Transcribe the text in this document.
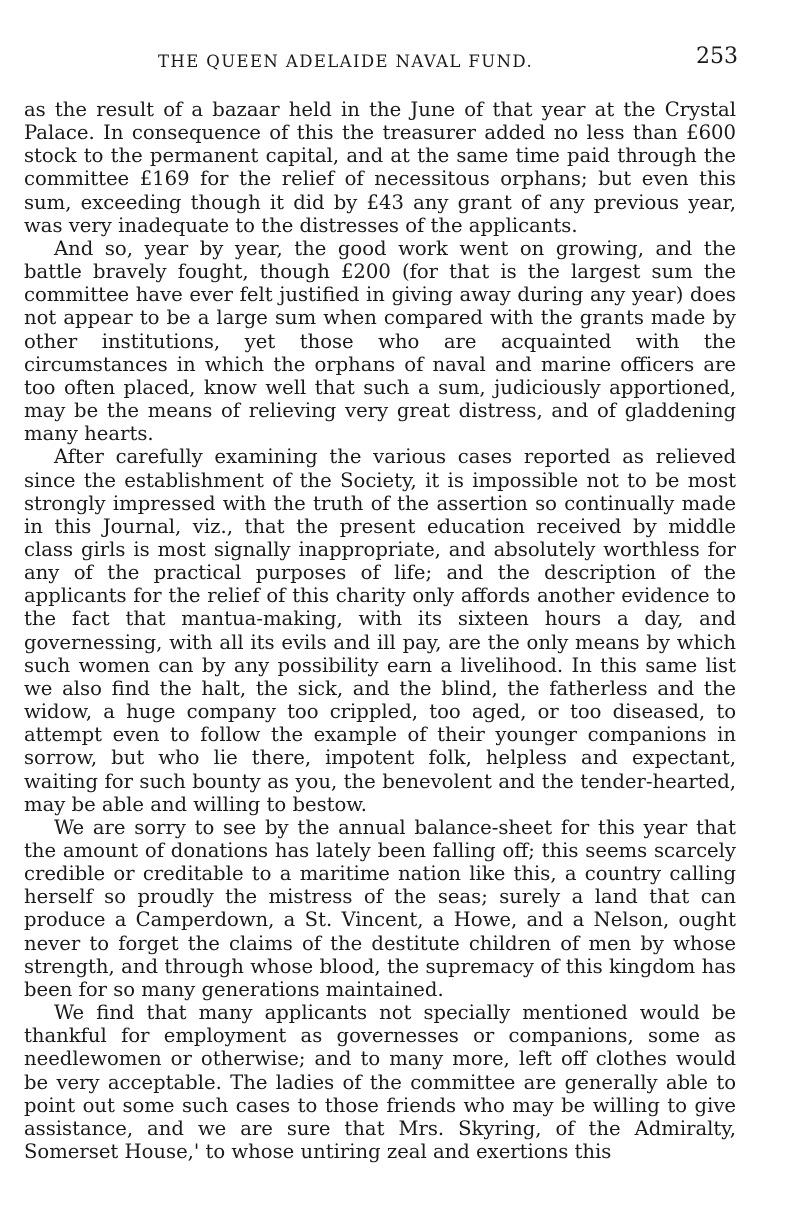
THE QUEEN ADELAIDE NAVAL FUND.	253

as the result of a bazaar held in the June of that year at the Crystal Palace. In consequence of this the treasurer added no less than £600 stock to the permanent capital, and at the same time paid through the committee £169 for the relief of necessitous orphans; but even this sum, exceeding though it did by £43 any grant of any previous year, was very inadequate to the distresses of the applicants.

And so, year by year, the good work went on growing, and the battle bravely fought, though £200 (for that is the largest sum the committee have ever felt justified in giving away during any year) does not appear to be a large sum when compared with the grants made by other institutions, yet those who are acquainted with the circumstances in which the orphans of naval and marine officers are too often placed, know well that such a sum, judiciously apportioned, may be the means of relieving very great distress, and of gladdening many hearts.

After carefully examining the various cases reported as relieved since the establishment of the Society, it is impossible not to be most strongly impressed with the truth of the assertion so continually made in this Journal, viz., that the present education received by middle class girls is most signally inappropriate, and absolutely worthless for any of the practical purposes of life; and the description of the applicants for the relief of this charity only affords another evidence to the fact that mantua-making, with its sixteen hours a day, and governessing, with all its evils and ill pay, are the only means by which such women can by any possibility earn a livelihood. In this same list we also find the halt, the sick, and the blind, the fatherless and the widow, a huge company too crippled, too aged, or too diseased, to attempt even to follow the example of their younger companions in sorrow, but who lie there, impotent folk, helpless and expectant, waiting for such bounty as you, the benevolent and the tender-hearted, may be able and willing to bestow.

We are sorry to see by the annual balance-sheet for this year that the amount of donations has lately been falling off; this seems scarcely credible or creditable to a maritime nation like this, a country calling herself so proudly the mistress of the seas; surely a land that can produce a Camperdown, a St. Vincent, a Howe, and a Nelson, ought never to forget the claims of the destitute children of men by whose strength, and through whose blood, the supremacy of this kingdom has been for so many generations maintained.

We find that many applicants not specially mentioned would be thankful for employment as governesses or companions, some as needlewomen or otherwise; and to many more, left off clothes would be very acceptable. The ladies of the committee are generally able to point out some such cases to those friends who may be willing to give assistance, and we are sure that Mrs. Skyring, of the Admiralty, Somerset House,' to whose untiring zeal and exertions this
